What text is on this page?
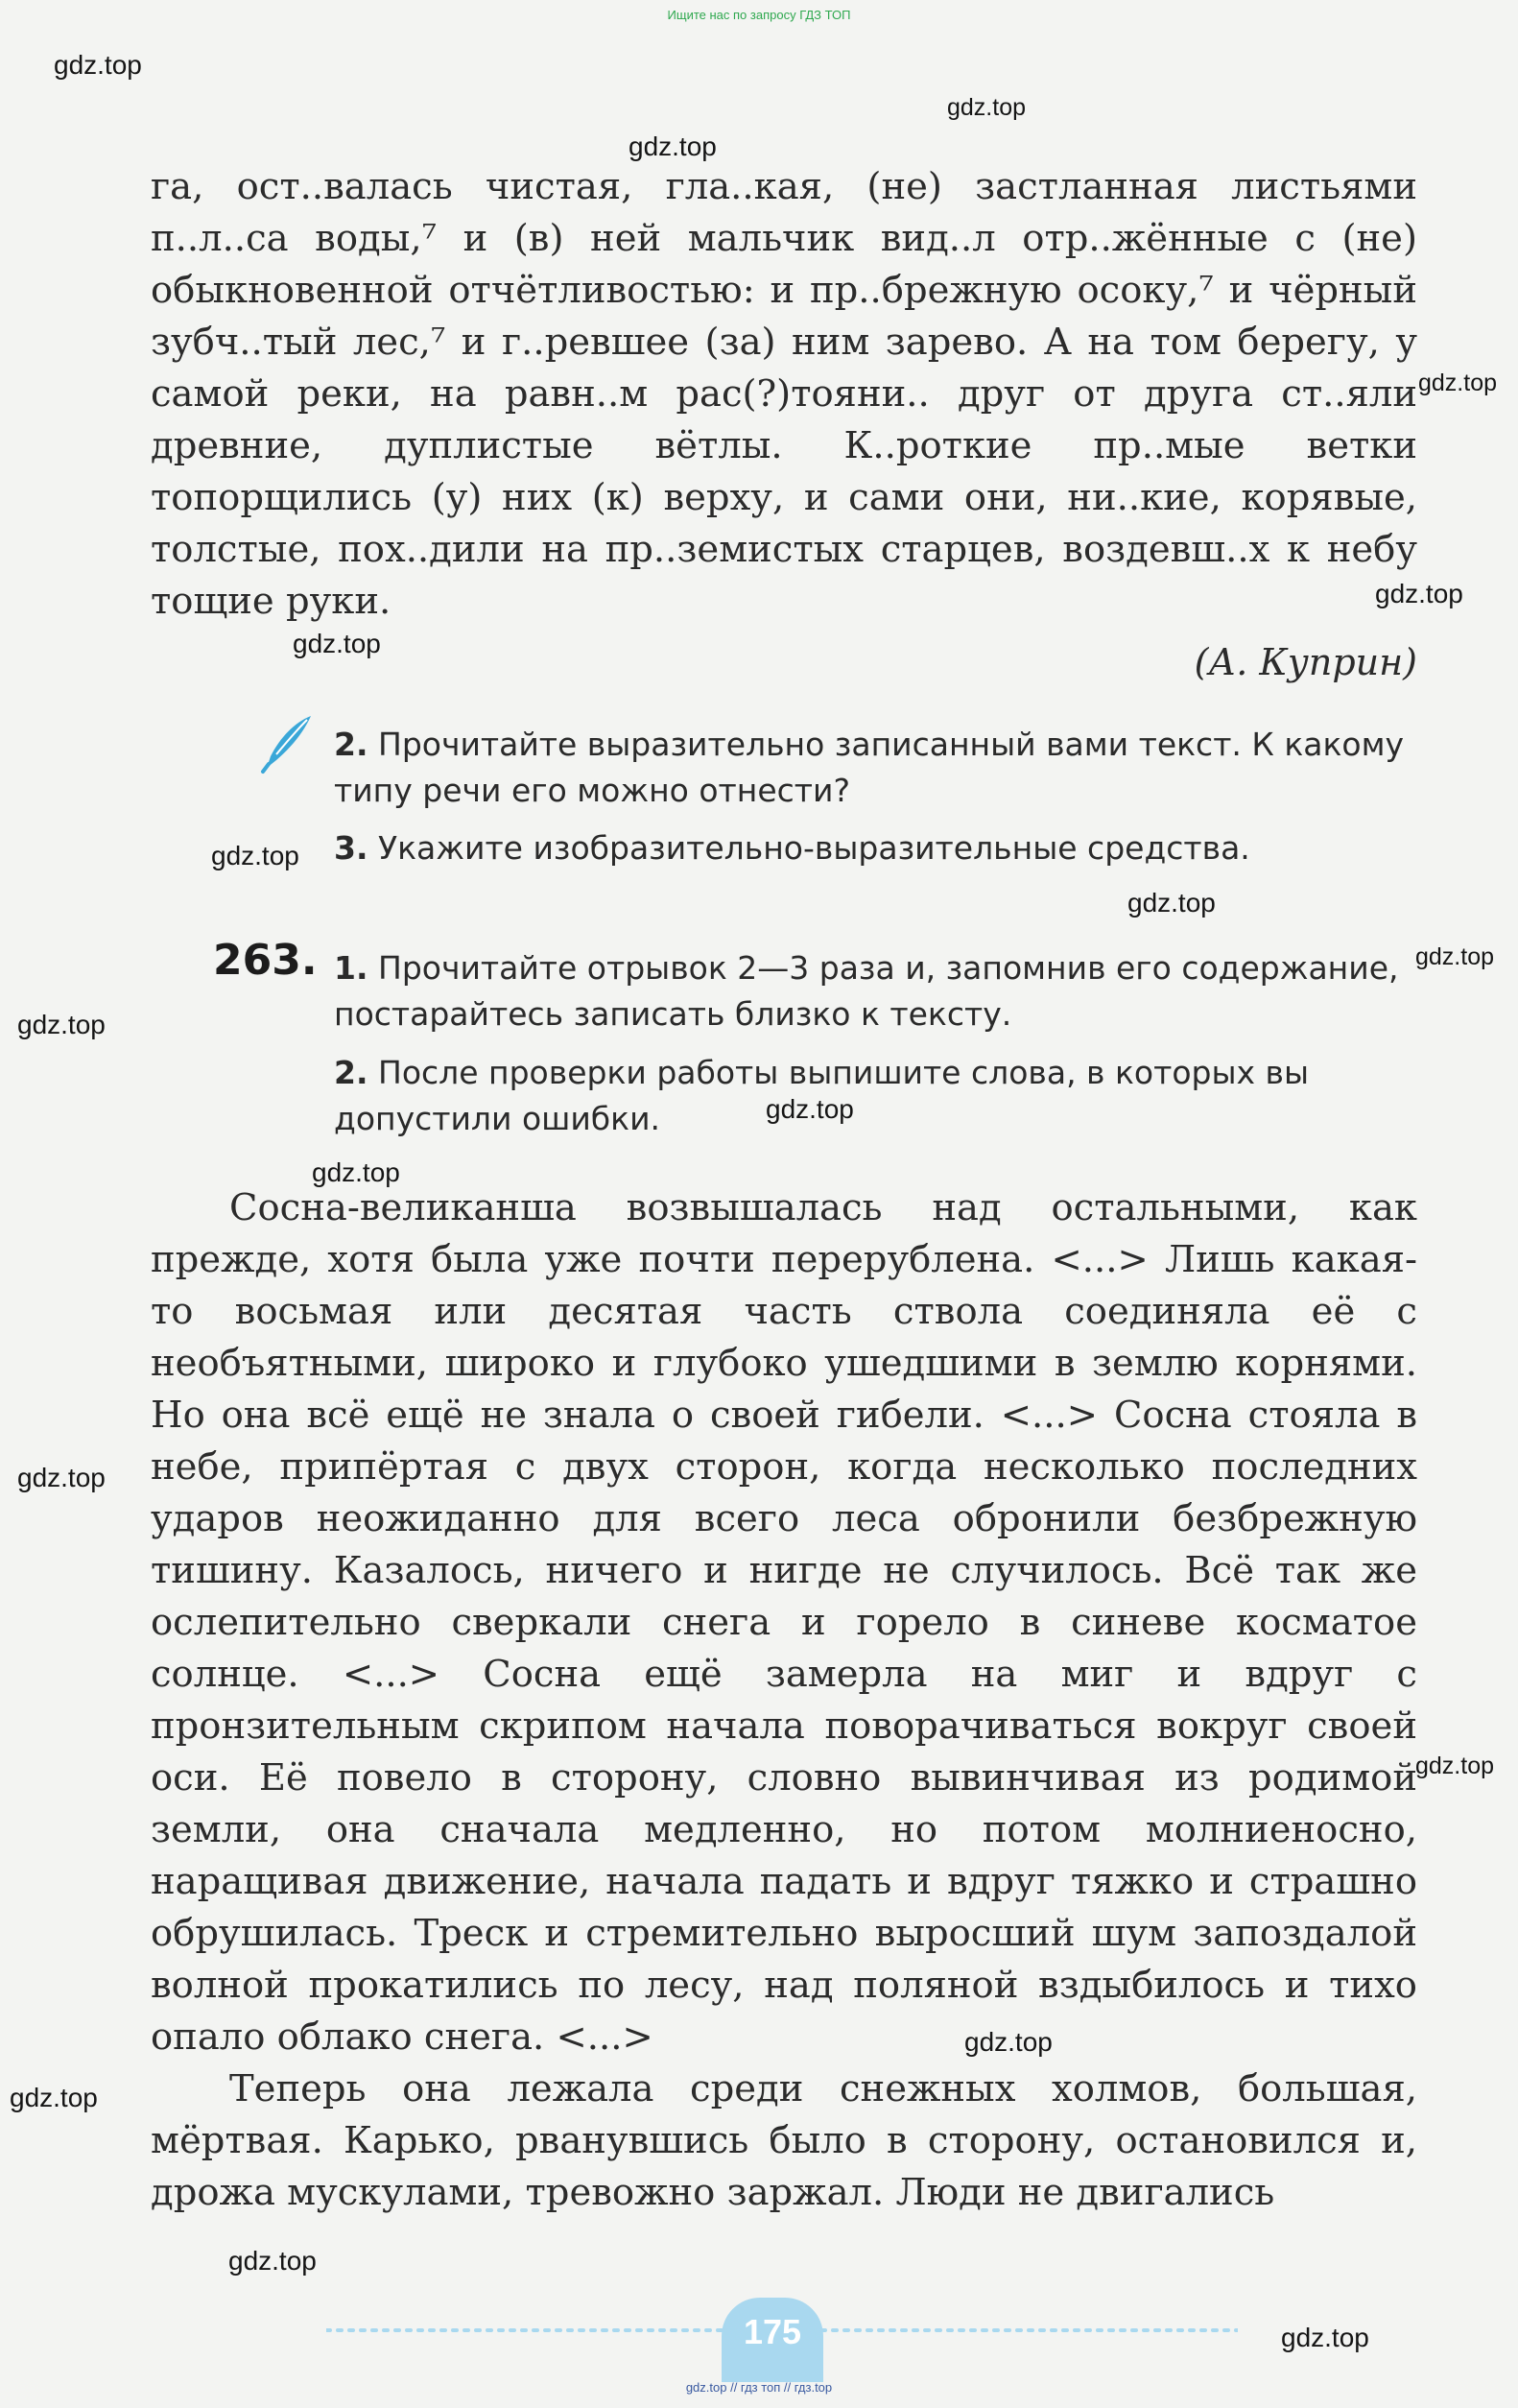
Ищите нас по запросу ГДЗ ТОП
gdz.top
gdz.top
gdz.top
gdz.top
gdz.top
gdz.top
gdz.top
gdz.top
gdz.top
gdz.top
gdz.top
gdz.top
gdz.top
gdz.top
gdz.top
gdz.top
gdz.top
gdz.top

га, ост..валась чистая, гла..кая, (не) застланная листьями п..л..са воды,⁷ и (в) ней мальчик вид..л отр..жённые с (не) обыкновенной отчётливостью: и пр..брежную осоку,⁷ и чёрный зубч..тый лес,⁷ и г..ревшее (за) ним зарево. А на том берегу, у самой реки, на равн..м рас(?)тояни.. друг от друга ст..яли древние, дуплистые вётлы. К..роткие пр..мые ветки топорщились (у) них (к) верху, и сами они, ни..кие, корявые, толстые, пох..дили на пр..земистых старцев, воздевш..х к небу тощие руки.

(А. Куприн)
2. Прочитайте выразительно записанный вами текст. К какому типу речи его можно отнести?
3. Укажите изобразительно-выразительные средства.
263. 1. Прочитайте отрывок 2—3 раза и, запомнив его содержание, постарайтесь записать близко к тексту.
2. После проверки работы выпишите слова, в которых вы допустили ошибки.

Сосна-великанша возвышалась над остальными, как прежде, хотя была уже почти перерублена. <...> Лишь какая-то восьмая или десятая часть ствола соединяла её с необъятными, широко и глубоко ушедшими в землю корнями. Но она всё ещё не знала о своей гибели. <...> Сосна стояла в небе, припёртая с двух сторон, когда несколько последних ударов неожиданно для всего леса обронили безбрежную тишину. Казалось, ничего и нигде не случилось. Всё так же ослепительно сверкали снега и горело в синеве косматое солнце. <...> Сосна ещё замерла на миг и вдруг с пронзительным скрипом начала поворачиваться вокруг своей оси. Её повело в сторону, словно вывинчивая из родимой земли, она сначала медленно, но потом молниеносно, наращивая движение, начала падать и вдруг тяжко и страшно обрушилась. Треск и стремительно выросший шум запоздалой волной прокатились по лесу, над поляной вздыбилось и тихо опало облако снега. <...>

Теперь она лежала среди снежных холмов, большая, мёртвая. Карько, рванувшись было в сторону, остановился и, дрожа мускулами, тревожно заржал. Люди не двигались

175
gdz.top // гдз топ // гдз.top
